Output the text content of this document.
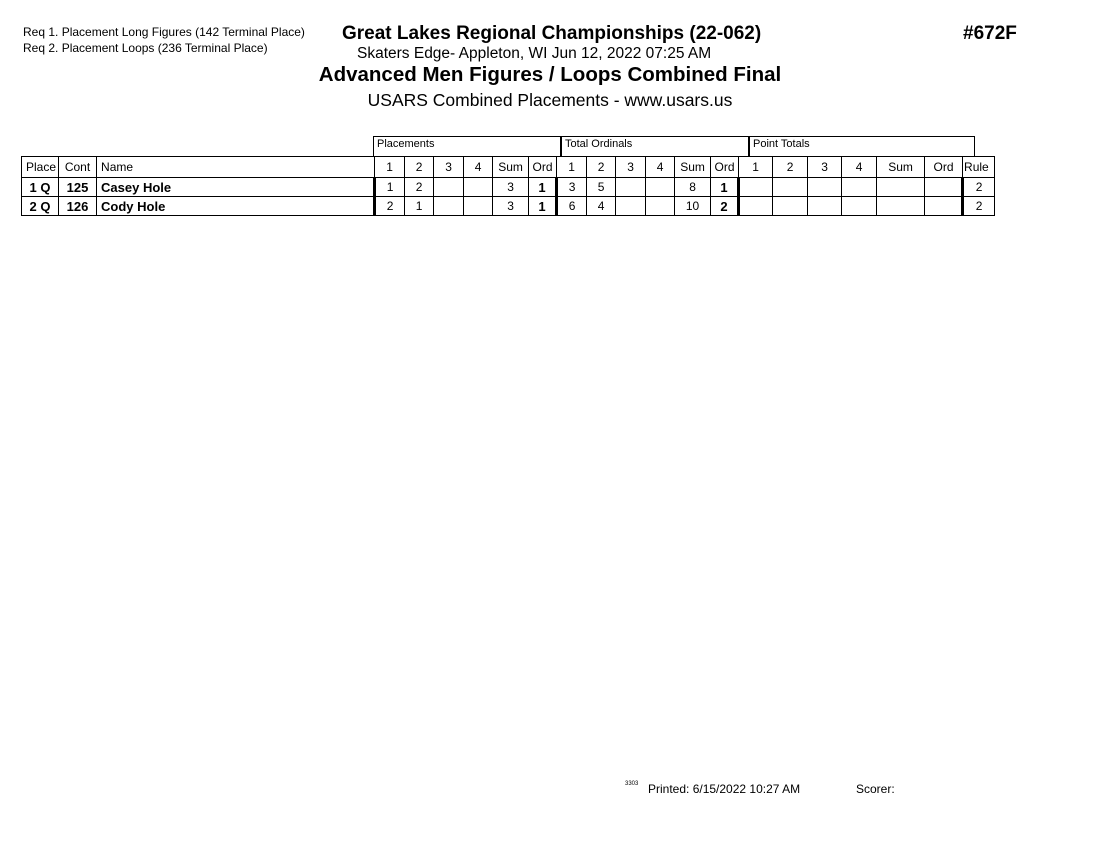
Req 1. Placement Long Figures (142 Terminal Place)
Req 2. Placement Loops (236 Terminal Place)
Great Lakes Regional Championships (22-062)	#672F
Skaters Edge- Appleton, WI Jun 12, 2022 07:25 AM
Advanced Men Figures / Loops Combined Final
USARS Combined Placements - www.usars.us
Placements	Total Ordinals	Point Totals
Place	Cont	Name	1	2	3	4	Sum	Ord	1	2	3	4	Sum	Ord	1	2	3	4	Sum	Ord	Rule
1 Q	125	Casey Hole	1	2			3	1	3	5			8	1							2
2 Q	126	Cody Hole	2	1			3	1	6	4			10	2							2
3303 Printed: 6/15/2022 10:27 AM	Scorer:
